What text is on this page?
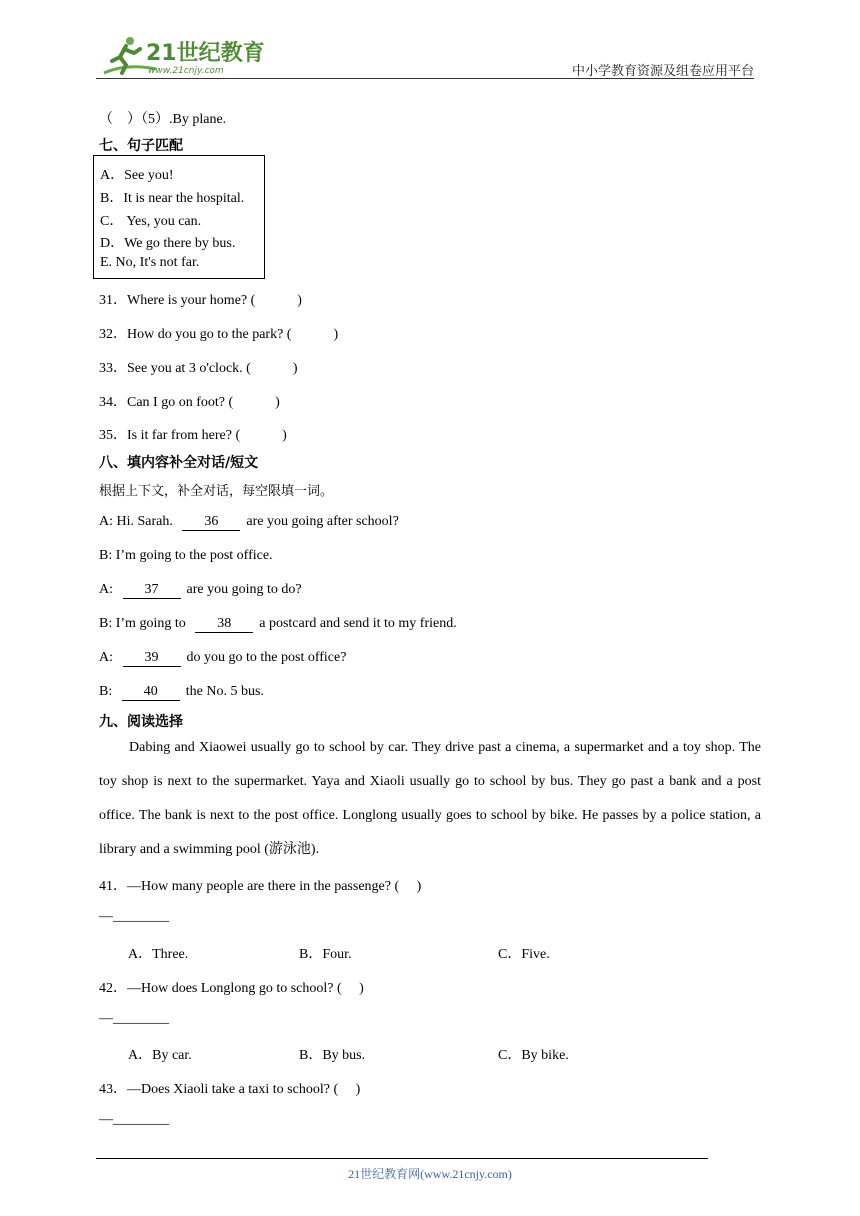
21世纪教育
www.21cnjy.com	中小学教育资源及组卷应用平台
（　）（5）.By plane.
七、句子匹配
A．See you!
B．It is near the hospital.
C． Yes, you can.
D．We go there by bus.
E. No, It's not far.
31．Where is your home? (　　　)
32．How do you go to the park? (　　　)
33．See you at 3 o'clock. (　　　)
34．Can I go on foot? (　　　)
35．Is it far from here? (　　　)
八、填内容补全对话/短文
根据上下文，补全对话，每空限填一词。
A: Hi. Sarah. 36 are you going after school?
B: I’m going to the post office.
A: 37 are you going to do?
B: I’m going to 38 a postcard and send it to my friend.
A: 39 do you go to the post office?
B: 40 the No. 5 bus.
九、阅读选择
Dabing and Xiaowei usually go to school by car. They drive past a cinema, a supermarket and a toy shop. The toy shop is next to the supermarket. Yaya and Xiaoli usually go to school by bus. They go past a bank and a post office. The bank is next to the post office. Longlong usually goes to school by bike. He passes by a police station, a library and a swimming pool (游泳池).
41．—How many people are there in the passenge? (　 )
—________
A．Three.	B．Four.	C．Five.
42．—How does Longlong go to school? (　 )
—________
A．By car.	B．By bus.	C．By bike.
43．—Does Xiaoli take a taxi to school? (　 )
—________
21世纪教育网(www.21cnjy.com)
